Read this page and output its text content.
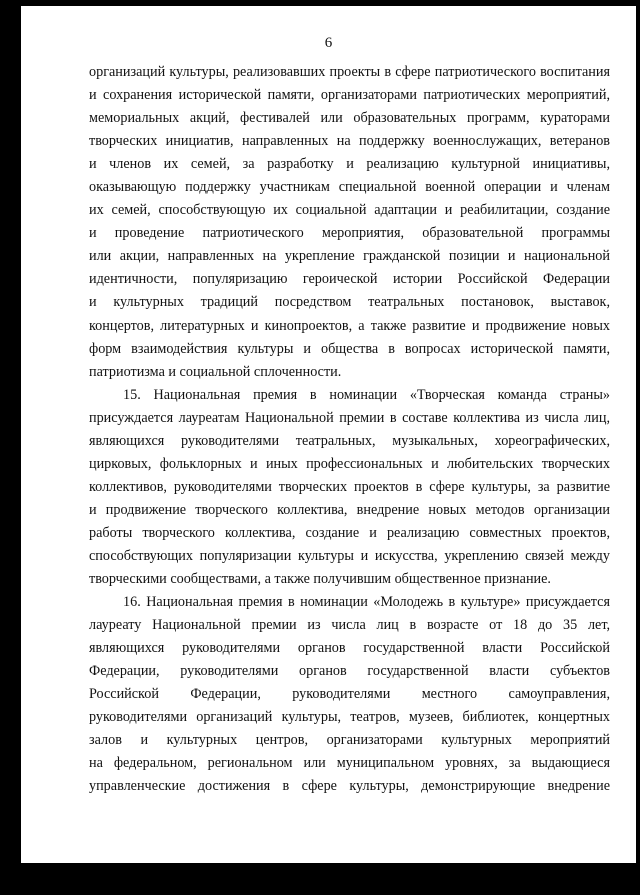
6
организаций культуры, реализовавших проекты в сфере патриотического воспитания
и сохранения исторической памяти, организаторами патриотических мероприятий,
мемориальных акций, фестивалей или образовательных программ, кураторами
творческих инициатив, направленных на поддержку военнослужащих, ветеранов
и членов их семей, за разработку и реализацию культурной инициативы,
оказывающую поддержку участникам специальной военной операции и членам
их семей, способствующую их социальной адаптации и реабилитации, создание
и проведение патриотического мероприятия, образовательной программы
или акции, направленных на укрепление гражданской позиции и национальной
идентичности, популяризацию героической истории Российской Федерации
и культурных традиций посредством театральных постановок, выставок,
концертов, литературных и кинопроектов, а также развитие и продвижение новых
форм взаимодействия культуры и общества в вопросах исторической памяти,
патриотизма и социальной сплоченности.
15. Национальная премия в номинации «Творческая команда страны»
присуждается лауреатам Национальной премии в составе коллектива из числа лиц,
являющихся руководителями театральных, музыкальных, хореографических,
цирковых, фольклорных и иных профессиональных и любительских творческих
коллективов, руководителями творческих проектов в сфере культуры, за развитие
и продвижение творческого коллектива, внедрение новых методов организации
работы творческого коллектива, создание и реализацию совместных проектов,
способствующих популяризации культуры и искусства, укреплению связей между
творческими сообществами, а также получившим общественное признание.
16. Национальная премия в номинации «Молодежь в культуре» присуждается
лауреату Национальной премии из числа лиц в возрасте от 18 до 35 лет,
являющихся руководителями органов государственной власти Российской
Федерации, руководителями органов государственной власти субъектов
Российской Федерации, руководителями местного самоуправления,
руководителями организаций культуры, театров, музеев, библиотек, концертных
залов и культурных центров, организаторами культурных мероприятий
на федеральном, региональном или муниципальном уровнях, за выдающиеся
управленческие достижения в сфере культуры, демонстрирующие внедрение
